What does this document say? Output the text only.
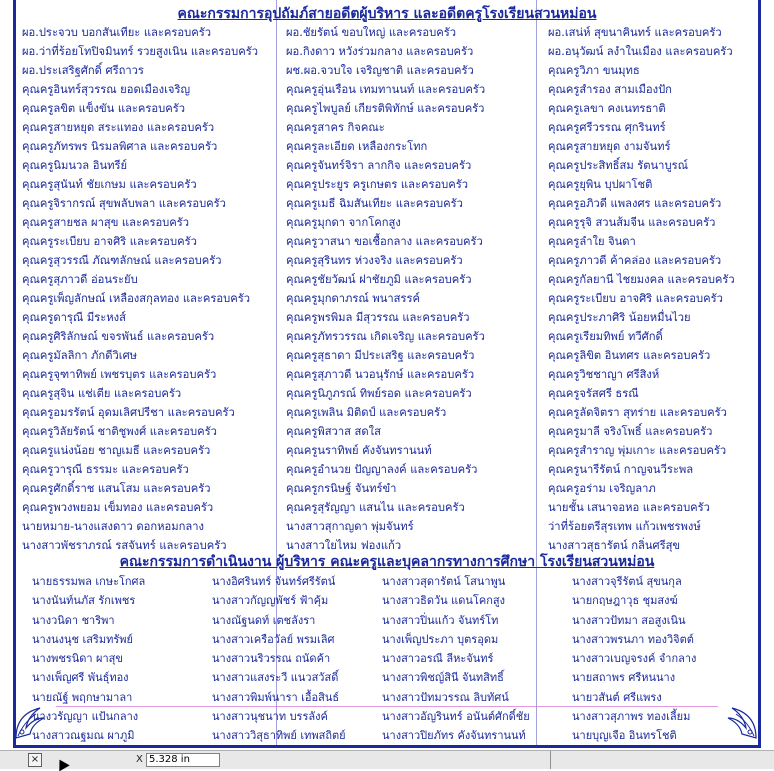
คณะกรรมการอุปถัมภ์สายอดีตผู้บริหาร และอดีตครูโรงเรียนสวนหม่อน
ผอ.ประจวบ บอกสันเทียะ และครอบครัว	ผอ.ชัยรัตน์ ขอบใหญ่ และครอบครัว	ผอ.เสน่ห์ สุขนาคินทร์ และครอบครัว
ผอ.ว่าที่ร้อยโทปิจมินทร์ รวยสูงเนิน และครอบครัว	ผอ.กิงดาว หวังร่วมกลาง และครอบครัว	ผอ.อนุวัฒน์ ลงำในเมือง และครอบครัว
ผอ.ประเสริฐศักดิ์ ศรีถาวร	ผช.ผอ.จวบใจ เจริญชาติ และครอบครัว	คุณครูวิภา ขนมุทธ
คุณครูอินทร์สุวรรณ ยอดเมืองเจริญ	คุณครูอุ่นเรือน เทมทานนท์ และครอบครัว	คุณครูสำรอง สามเมืองปัก
คุณครูลขิต แข็งขัน และครอบครัว	คุณครูไพบูลย์ เกียรติพิทักษ์ และครอบครัว	คุณครูเลขา คงเนทรธาติ
คุณครูสายหยุด สระแทอง และครอบครัว	คุณครูสาคร กิจคณะ	คุณครูศรีวรรณ ศุกรินทร์
คุณครูภัทรพร นิรมลพิศาล และครอบครัว	คุณครูละเอียด เหลืองกระโทก	คุณครูสายหยุด งามจันทร์
คุณครูนิมนวล อินทรีย์	คุณครูจันทร์จิรา ลากกิจ และครอบครัว	คุณครูประสิทธิ์สม รัตนาบูรณ์
คุณครูสุนันท์ ชัยเกษม และครอบครัว	คุณครูประยูร ครูเกษตร และครอบครัว	คุณครูยุพิน บุปผาโชติ
คุณครูจิรากรณ์ สุขพลับพลา และครอบครัว	คุณครูเมธี ฉิมสันเทียะ และครอบครัว	คุณครูอภิวดี แพลงศร และครอบครัว
คุณครูสายชล ผาสุข และครอบครัว	คุณครูมุกดา จากโคกสูง	คุณครูรุจิ สวนส้มจีน และครอบครัว
คุณครูระเบียบ อาจศิริ และครอบครัว	คุณครูวาสนา ขอเชื้อกลาง และครอบครัว	คุณครูลำใย จินดา
คุณครูสุวรรณี ภัณฑลักษณ์ และครอบครัว	คุณครูสุรินทร ห่วงจริง และครอบครัว	คุณครูภาวดี ค้าคล่อง และครอบครัว
คุณครูสุภาวดี อ่อนระยับ	คุณครูชัยวัฒน์ ฝาชัยภูมิ และครอบครัว	คุณครูกัลยานี ไชยมงคล และครอบครัว
คุณครูเพ็ญลักษณ์ เหลืองสกุลทอง และครอบครัว	คุณครูมุกดาภรณ์ พนาสรรค์	คุณครูระเบียบ อาจศิริ และครอบครัว
คุณครูดารุณี มีระหงส์	คุณครูพรพิมล มีสุวรรณ และครอบครัว	คุณครูประภาศิริ น้อยหมื่นไวย
คุณครูศิริลักษณ์ ขจรพันธ์ และครอบครัว	คุณครูภัทรวรรณ เกิดเจริญ และครอบครัว	คุณครูเรียมทิพย์ ทวีศักดิ์
คุณครูมัลลิกา ภักดีวิเศษ	คุณครูสุธาดา มีประเสริฐ และครอบครัว	คุณครูลิขิต อินทศร และครอบครัว
คุณครูจุฑาทิพย์ เพชรบุตร และครอบครัว	คุณครูสุภาวดี นวอนุรักษ์ และครอบครัว	คุณครูวิชชาญา ศรีสิงห์
คุณครูสุจิน แช่เตีย และครอบครัว	คุณครูนิภูภรณ์ ทิพย์รอด และครอบครัว	คุณครูจรัสศรี ธรณี
คุณครูอมรรัตน์ อุดมเลิศปรีชา และครอบครัว	คุณครูเพลิน มิติดป์ และครอบครัว	คุณครูลัดจิตรา สุทร่าย และครอบครัว
คุณครูวิลัยรัตน์ ชาติชูพงศ์ และครอบครัว	คุณครูพิสวาส สดใส	คุณครูมาลี จริงโพธิ์ และครอบครัว
คุณครูแน่งน้อย ชาญเมธี และครอบครัว	คุณครูนราทิพย์ คังจันทรานนท์	คุณครูสำราญ พุ่มเกาะ และครอบครัว
คุณครูวารุณี ธรรมะ และครอบครัว	คุณครูอำนวย ปัญญาลงค์ และครอบครัว	คุณครูนารีรัตน์ กาญจนวีระพล
คุณครูศักดิ์ราช แสนโสม และครอบครัว	คุณครูกรนิษฐ์ จันทร์ขำ	คุณครูอร่าม เจริญลาภ
คุณครูพวงพยอม เข็มทอง และครอบครัว	คุณครูสุรัญญา แสนไน และครอบครัว	นายชั้น เสนาจอหอ และครอบครัว
นายหมาย-นางแสงดาว ดอกหอมกลาง	นางสาวสุกาญดา พุ่มจันทร์	ว่าที่ร้อยตรีสุรเทพ แก้วเพชรพงษ์
นางสาวพัชราภรณ์ รสจันทร์ และครอบครัว	นางสาวใยไหม ฟองแก้ว	นางสาวสุธารัตน์ กลิ่นศรีสุข
คณะกรรมการดำเนินงาน ผู้บริหาร คณะครูและบุคลากรทางการศึกษา โรงเรียนสวนหม่อน
นายธรรมพล เกษะโกศล	นางอิศรินทร์ จันทร์ศรีรัตน์	นางสาวสุดารัตน์ โสนาพูน	นางสาวจุรีรัตน์ สุขนกุล
นางนันท์นภัส รักเพชร	นางสาวกัญญพัชร์ ฟ้าคุ้ม	นางสาวธิดวัน แดนโคกสูง	นายกฤษฎาวุธ ชุมสงฆ์
นางวนิดา ชาริพา	นางณัฐนดท์ เตชลังรา	นางสาวปิ่นแก้ว จันทร์โท	นางสาวปัทมา สอสูงเนิน
นางนงนุช เสริมทรัพย์	นางสาวเครือวัลย์ พรมเลิศ	นางเพ็ญประภา บุตรอุดม	นางสาวพรนภา ทองวิจิตต์
นางพชรนิดา ผาสุข	นางสาวนริวรรณ ถนัดค้า	นางสาวอรณี ลีหะจันทร์	นางสาวเบญจรงค์ จำกลาง
นางเพ็ญศรี พันธุ์ทอง	นางสาวแสงระวี แนวสวัสดิ์	นางสาวพิชญ์สินี จันทสิทธิ์	นายสถาพร ศรีหนนาง
นายณัฐ์ พฤกษามาลา	นางสาวพิมพ์นารา เอื้อสินธ์	นางสาวปัทมวรรณ ลิบทัศน์	นายวสันต์ ศรีแพรง
นางวรัญญา แป้นกลาง	นางสาวนุชนาท บรรลังค์	นางสาวอัญรินทร์ อนันต์ศักดิ์ชัย	นางสาวสุภาพร ทองเลี้ยม
นางสาวณฐมณ ผาภูมิ	นางสาววิสุธาทิพย์ เทพสถิตย์	นางสาวปิยภัทร คังจันทรานนท์	นายบุญเจือ อินทรโชติ
×	X 5.328 in
